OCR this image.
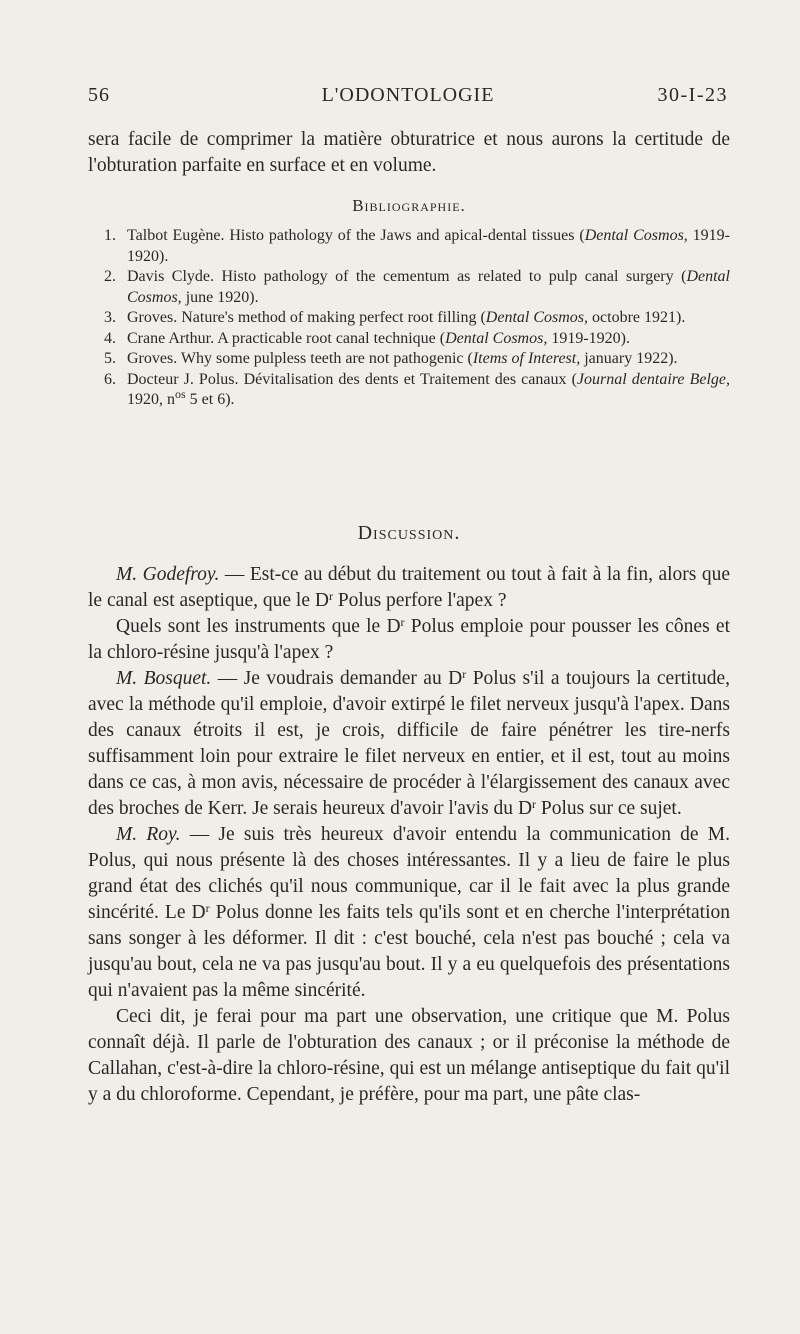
56	L'ODONTOLOGIE	30-I-23

sera facile de comprimer la matière obturatrice et nous aurons la certitude de l'obturation parfaite en surface et en volume.

Bibliographie.
1. Talbot Eugène. Histo pathology of the Jaws and apical-dental tissues (Dental Cosmos, 1919-1920).
2. Davis Clyde. Histo pathology of the cementum as related to pulp canal surgery (Dental Cosmos, june 1920).
3. Groves. Nature's method of making perfect root filling (Dental Cosmos, octobre 1921).
4. Crane Arthur. A practicable root canal technique (Dental Cosmos, 1919-1920).
5. Groves. Why some pulpless teeth are not pathogenic (Items of Interest, january 1922).
6. Docteur J. Polus. Dévitalisation des dents et Traitement des canaux (Journal dentaire Belge, 1920, $n^{os}$ 5 et 6).
Discussion.

M. Godefroy. — Est-ce au début du traitement ou tout à fait à la fin, alors que le canal est aseptique, que le $D^r$ Polus perfore l'apex ?

Quels sont les instruments que le $D^r$ Polus emploie pour pousser les cônes et la chloro-résine jusqu'à l'apex ?

M. Bosquet. — Je voudrais demander au $D^r$ Polus s'il a toujours la certitude, avec la méthode qu'il emploie, d'avoir extirpé le filet nerveux jusqu'à l'apex. Dans des canaux étroits il est, je crois, difficile de faire pénétrer les tire-nerfs suffisamment loin pour extraire le filet nerveux en entier, et il est, tout au moins dans ce cas, à mon avis, nécessaire de procéder à l'élargissement des canaux avec des broches de Kerr. Je serais heureux d'avoir l'avis du $D^r$ Polus sur ce sujet.

M. Roy. — Je suis très heureux d'avoir entendu la communication de M. Polus, qui nous présente là des choses intéressantes. Il y a lieu de faire le plus grand état des clichés qu'il nous communique, car il le fait avec la plus grande sincérité. Le $D^r$ Polus donne les faits tels qu'ils sont et en cherche l'interprétation sans songer à les déformer. Il dit : c'est bouché, cela n'est pas bouché ; cela va jusqu'au bout, cela ne va pas jusqu'au bout. Il y a eu quelquefois des présentations qui n'avaient pas la même sincérité.

Ceci dit, je ferai pour ma part une observation, une critique que M. Polus connaît déjà. Il parle de l'obturation des canaux ; or il préconise la méthode de Callahan, c'est-à-dire la chloro-résine, qui est un mélange antiseptique du fait qu'il y a du chloroforme. Cependant, je préfère, pour ma part, une pâte clas-
